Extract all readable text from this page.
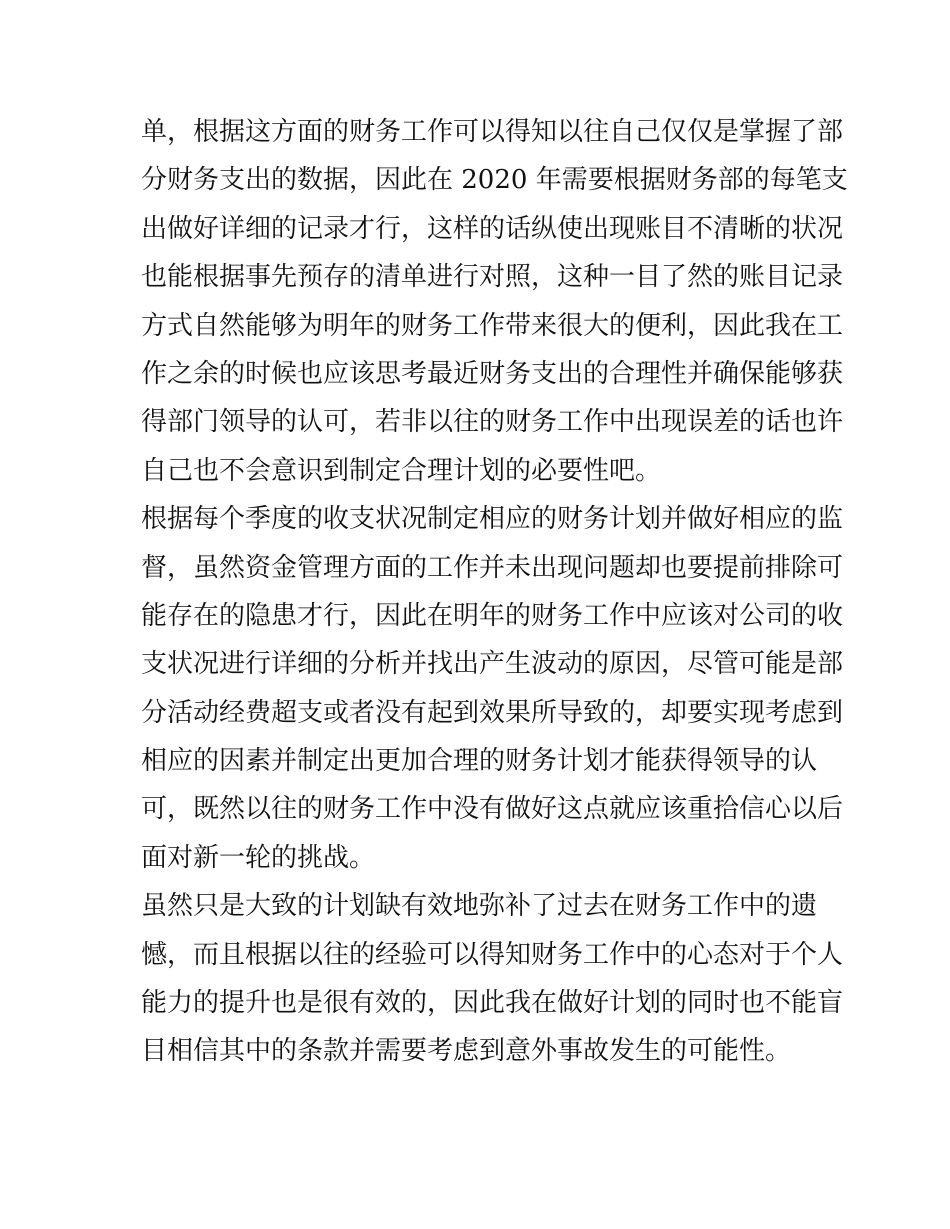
单，根据这方面的财务工作可以得知以往自己仅仅是掌握了部
分财务支出的数据，因此在 2020 年需要根据财务部的每笔支
出做好详细的记录才行，这样的话纵使出现账目不清晰的状况
也能根据事先预存的清单进行对照，这种一目了然的账目记录
方式自然能够为明年的财务工作带来很大的便利，因此我在工
作之余的时候也应该思考最近财务支出的合理性并确保能够获
得部门领导的认可，若非以往的财务工作中出现误差的话也许
自己也不会意识到制定合理计划的必要性吧。
根据每个季度的收支状况制定相应的财务计划并做好相应的监
督，虽然资金管理方面的工作并未出现问题却也要提前排除可
能存在的隐患才行，因此在明年的财务工作中应该对公司的收
支状况进行详细的分析并找出产生波动的原因，尽管可能是部
分活动经费超支或者没有起到效果所导致的，却要实现考虑到
相应的因素并制定出更加合理的财务计划才能获得领导的认
可，既然以往的财务工作中没有做好这点就应该重拾信心以后
面对新一轮的挑战。
虽然只是大致的计划缺有效地弥补了过去在财务工作中的遗
憾，而且根据以往的经验可以得知财务工作中的心态对于个人
能力的提升也是很有效的，因此我在做好计划的同时也不能盲
目相信其中的条款并需要考虑到意外事故发生的可能性。
